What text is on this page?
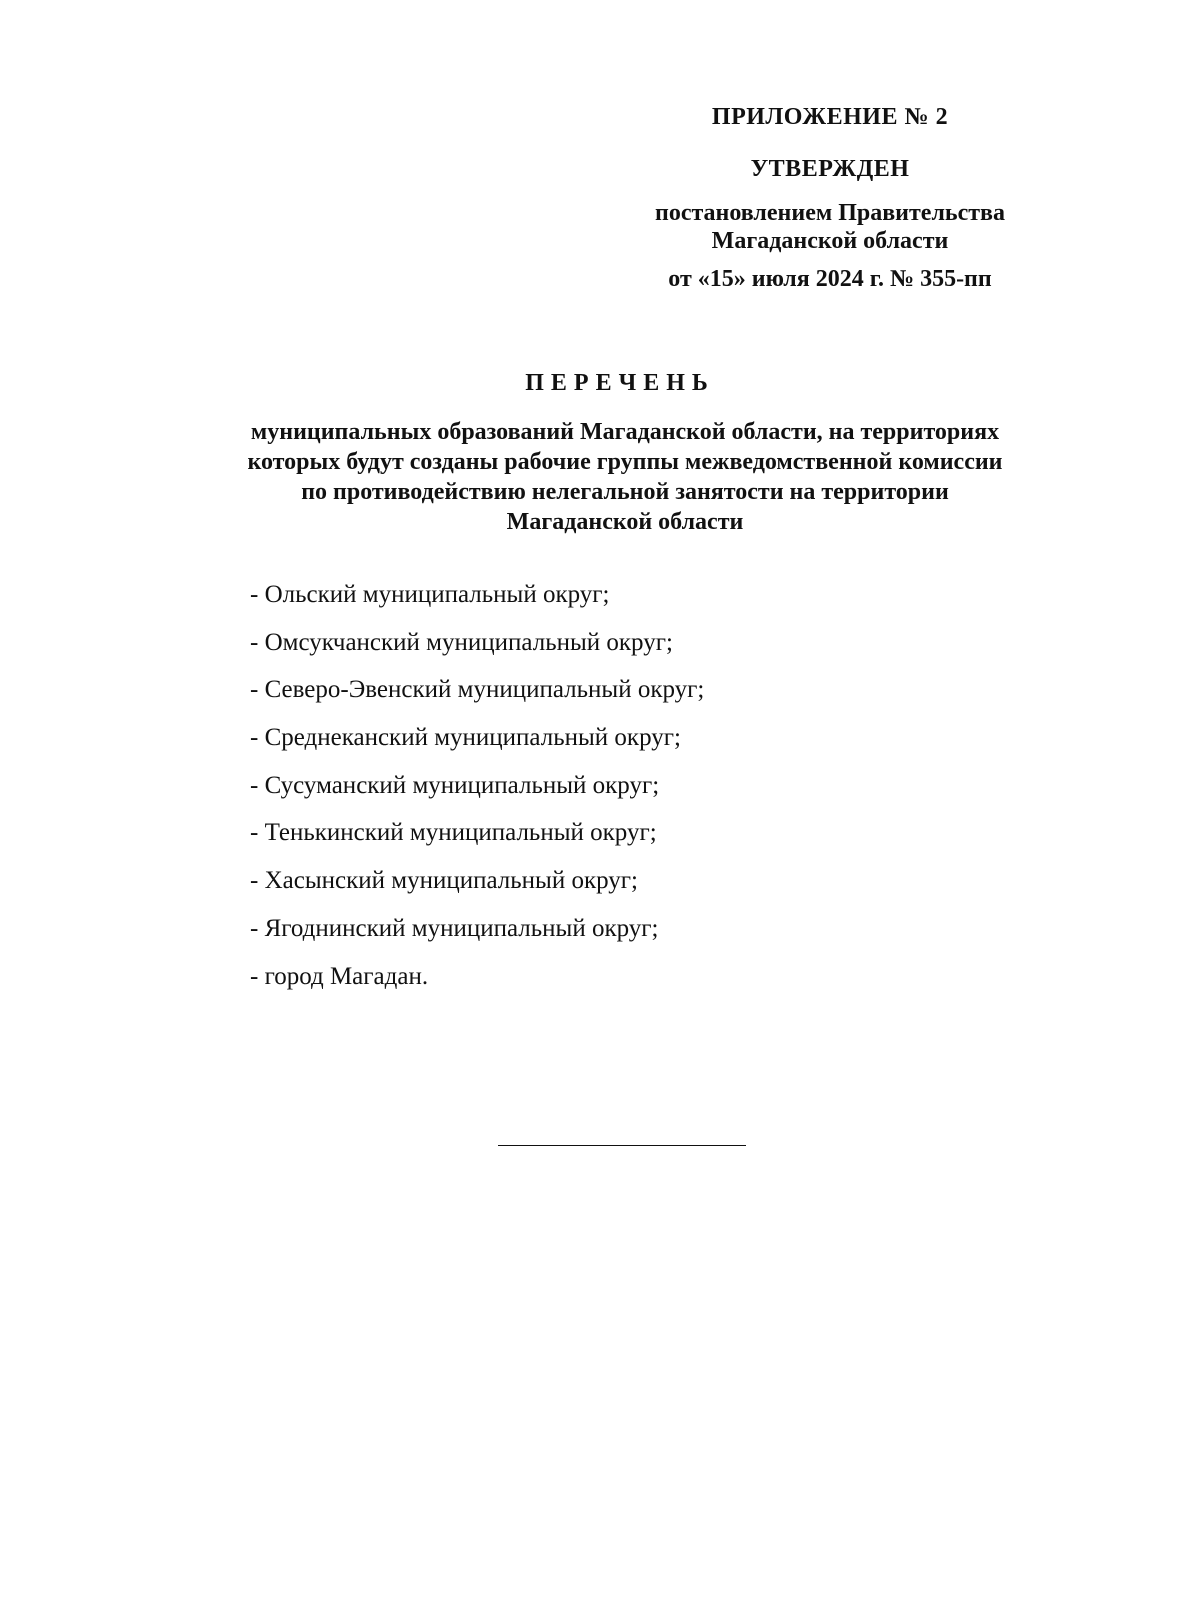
ПРИЛОЖЕНИЕ № 2
УТВЕРЖДЕН
постановлением Правительства
Магаданской области
от «15» июля 2024 г. № 355-пп
ПЕРЕЧЕНЬ
муниципальных образований Магаданской области, на территориях
которых будут созданы рабочие группы межведомственной комиссии
по противодействию нелегальной занятости на территории
Магаданской области
- Ольский муниципальный округ;
- Омсукчанский муниципальный округ;
- Северо-Эвенский муниципальный округ;
- Среднеканский муниципальный округ;
- Сусуманский муниципальный округ;
- Тенькинский муниципальный округ;
- Хасынский муниципальный округ;
- Ягоднинский муниципальный округ;
- город Магадан.
